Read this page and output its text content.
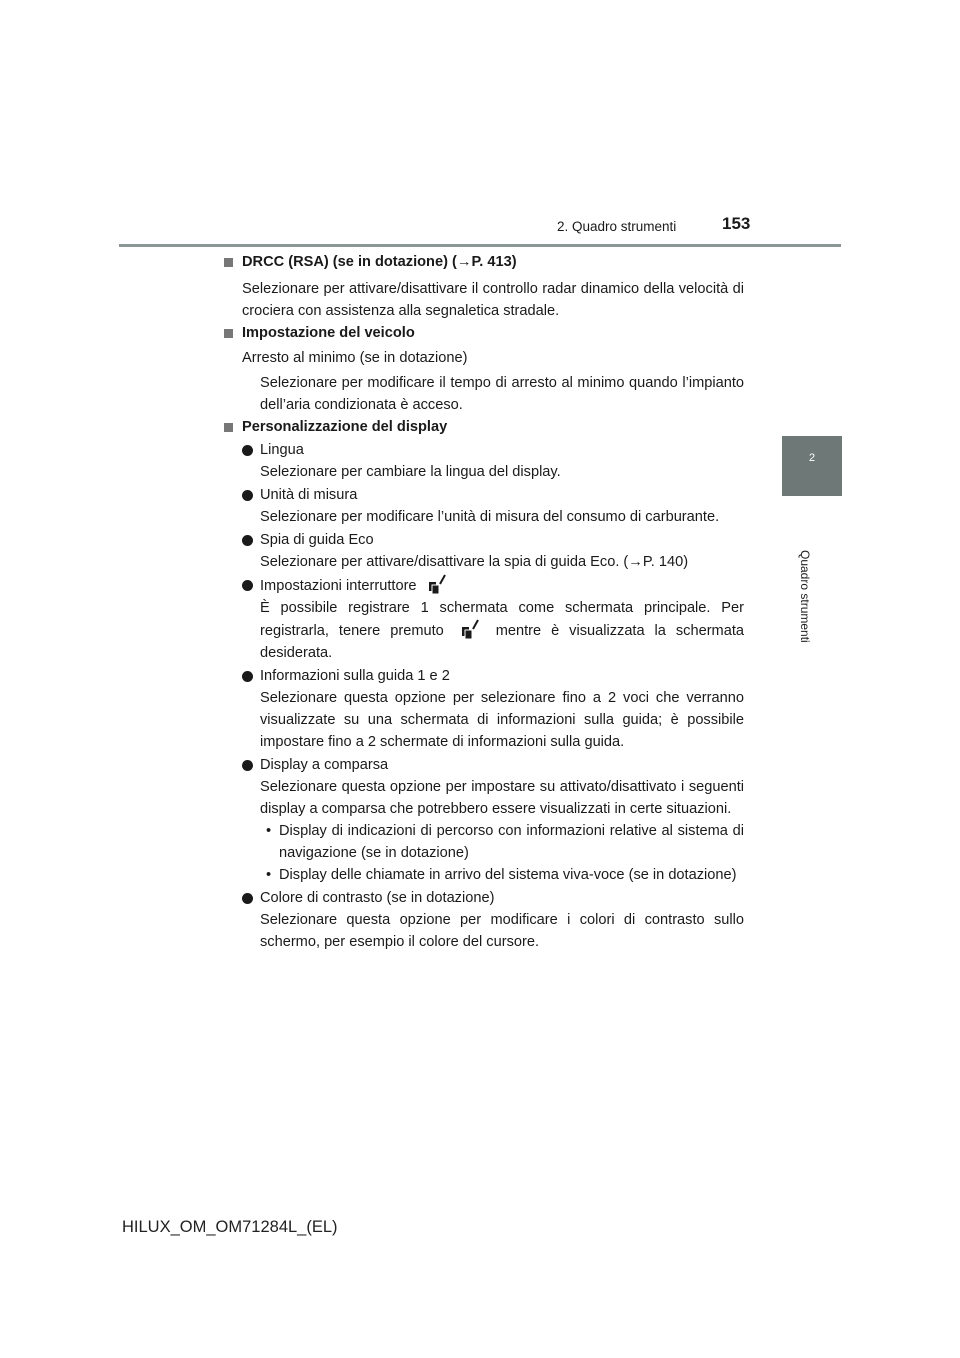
2. Quadro strumenti	153
2
Quadro strumenti

DRCC (RSA) (se in dotazione) (→P. 413)

Selezionare per attivare/disattivare il controllo radar dinamico della velocità di crociera con assistenza alla segnaletica stradale.

Impostazione del veicolo

Arresto al minimo (se in dotazione)

Selezionare per modificare il tempo di arresto al minimo quando l’impianto dell’aria condizionata è acceso.

Personalizzazione del display

Lingua

Selezionare per cambiare la lingua del display.

Unità di misura

Selezionare per modificare l’unità di misura del consumo di carburante.

Spia di guida Eco

Selezionare per attivare/disattivare la spia di guida Eco. (→P. 140)

Impostazioni interruttore

È possibile registrare 1 schermata come schermata principale. Per registrarla, tenere premuto	mentre è visualizzata la schermata desiderata.

Informazioni sulla guida 1 e 2

Selezionare questa opzione per selezionare fino a 2 voci che verranno visualizzate su una schermata di informazioni sulla guida; è possibile impostare fino a 2 schermate di informazioni sulla guida.

Display a comparsa

Selezionare questa opzione per impostare su attivato/disattivato i seguenti display a comparsa che potrebbero essere visualizzati in certe situazioni.

• Display di indicazioni di percorso con informazioni relative al sistema di navigazione (se in dotazione)

• Display delle chiamate in arrivo del sistema viva-voce (se in dotazione)

Colore di contrasto (se in dotazione)

Selezionare questa opzione per modificare i colori di contrasto sullo schermo, per esempio il colore del cursore.

HILUX_OM_OM71284L_(EL)
